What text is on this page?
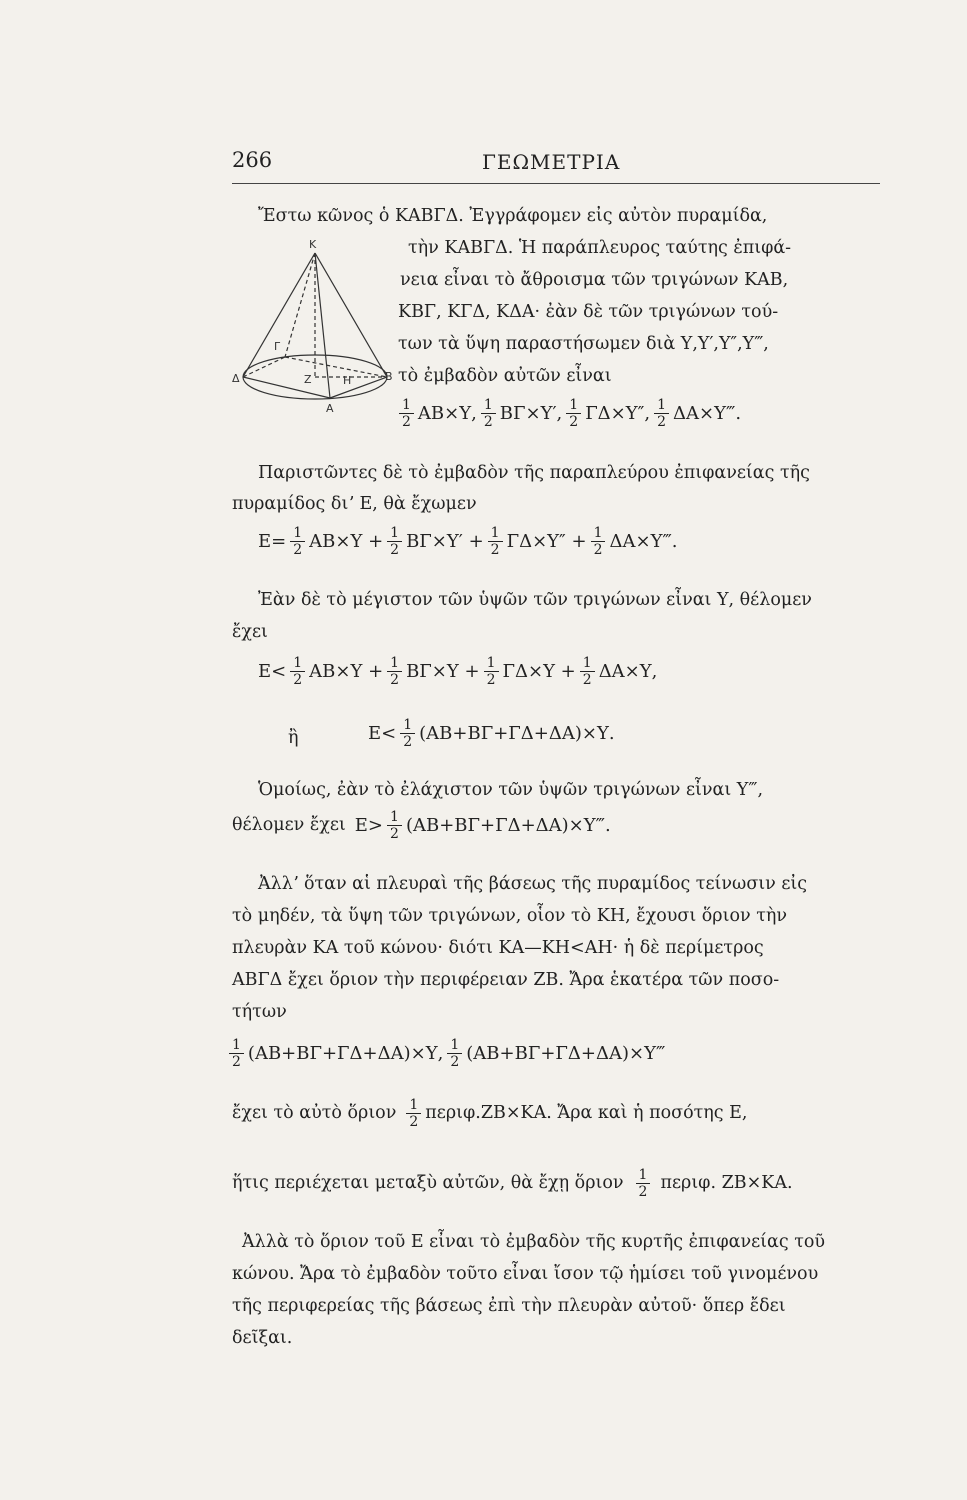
266	ΓΕΩΜΕΤΡΙΑ
Κ
Δ	Β
Α
Γ
Ζ	Η
Ἔστω κῶνος ὁ ΚΑΒΓΔ. Ἐγγράφομεν εἰς αὐτὸν πυραμίδα,
τὴν ΚΑΒΓΔ. Ἡ παράπλευρος ταύτης ἐπιφά-
νεια εἶναι τὸ ἄθροισμα τῶν τριγώνων ΚΑΒ,
ΚΒΓ, ΚΓΔ, ΚΔΑ· ἐὰν δὲ τῶν τριγώνων τού-
των τὰ ὕψη παραστήσωμεν διὰ Υ,Υ′,Υ″,Υ‴,
τὸ ἐμβαδὸν αὐτῶν εἶναι
$\frac{1}{2} AB\times\Upsilon$, $\frac{1}{2} B\Gamma\times\Upsilon'$, $\frac{1}{2} \Gamma\Delta\times\Upsilon''$, $\frac{1}{2}$ ΔΑ×Υ‴.
Παριστῶντες δὲ τὸ ἐμβαδὸν τῆς παραπλεύρου ἐπιφανείας τῆς
πυραμίδος διʼ Ε, θὰ ἔχωμεν
$E= \frac{1}{2} AB\times\Upsilon + \frac{1}{2} B\Gamma\times\Upsilon' + \frac{1}{2} \Gamma\Delta\times\Upsilon'' + \frac{1}{2}$ ΔΑ×Υ‴.
Ἐὰν δὲ τὸ μέγιστον τῶν ὑψῶν τῶν τριγώνων εἶναι Υ, θέλομεν
ἔχει
$E< \frac{1}{2} AB\times\Upsilon + \frac{1}{2} B\Gamma\times\Upsilon + \frac{1}{2} \Gamma\Delta\times\Upsilon + \frac{1}{2} \Delta A\times\Upsilon$,
ἢ	$E< \frac{1}{2} (AB+B\Gamma+\Gamma\Delta+\Delta A)\times\Upsilon$.
Ὁμοίως, ἐὰν τὸ ἐλάχιστον τῶν ὑψῶν τριγώνων εἶναι Υ‴,
θέλομεν ἔχει $E> \frac{1}{2}$ (ΑΒ+ΒΓ+ΓΔ+ΔΑ)×Υ‴.
Ἀλλʼ ὅταν αἱ πλευραὶ τῆς βάσεως τῆς πυραμίδος τείνωσιν εἰς
τὸ μηδέν, τὰ ὕψη τῶν τριγώνων, οἷον τὸ ΚΗ, ἔχουσι ὅριον τὴν
πλευρὰν ΚΑ τοῦ κώνου· διότι ΚΑ—ΚΗ<ΑΗ· ἡ δὲ περίμετρος
ΑΒΓΔ ἔχει ὅριον τὴν περιφέρειαν ΖΒ. Ἄρα ἑκατέρα τῶν ποσο-
τήτων
$\frac{1}{2} (AB+B\Gamma+\Gamma\Delta+\Delta A)\times\Upsilon$, $\frac{1}{2}$ (ΑΒ+ΒΓ+ΓΔ+ΔΑ)×Υ‴
ἔχει τὸ αὐτὸ ὅριον $\frac{1}{2} \pi\varepsilon\rho\iota\varphi.ZB\times KA$. Ἄρα καὶ ἡ ποσότης Ε,
ἥτις περιέχεται μεταξὺ αὐτῶν, θὰ ἔχῃ ὅριον $\frac{1}{2} \pi\varepsilon\rho\iota\varphi$. ΖΒ×ΚΑ.
Ἀλλὰ τὸ ὅριον τοῦ Ε εἶναι τὸ ἐμβαδὸν τῆς κυρτῆς ἐπιφανείας τοῦ
κώνου. Ἄρα τὸ ἐμβαδὸν τοῦτο εἶναι ἴσον τῷ ἡμίσει τοῦ γινομένου
τῆς περιφερείας τῆς βάσεως ἐπὶ τὴν πλευρὰν αὐτοῦ· ὅπερ ἔδει
δεῖξαι.
